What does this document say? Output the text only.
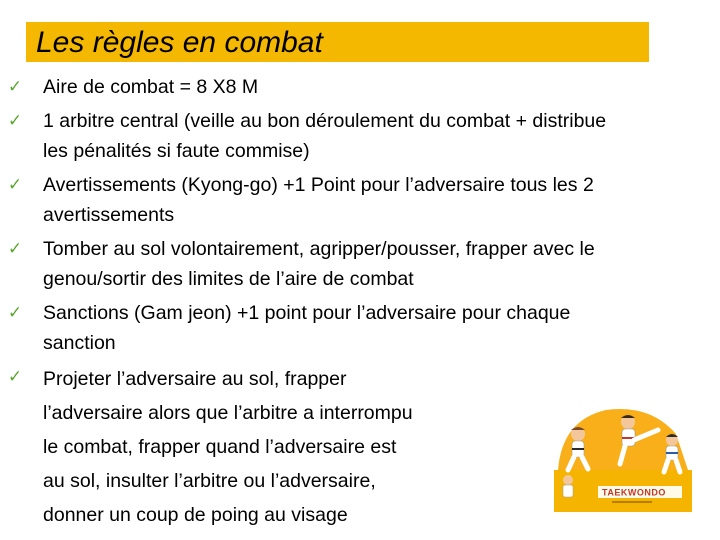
Les règles en combat
✓ Aire de combat = 8 X8 M
✓ 1 arbitre central (veille au bon déroulement du combat + distribue
les pénalités si faute commise)
✓ Avertissements (Kyong-go) +1 Point pour l’adversaire tous les 2
avertissements
✓ Tomber au sol volontairement, agripper/pousser, frapper avec le
genou/sortir des limites de l’aire de combat
✓ Sanctions (Gam jeon) +1 point pour l’adversaire pour chaque
sanction
✓ Projeter l’adversaire au sol, frapper
l’adversaire alors que l’arbitre a interrompu
le combat, frapper quand l’adversaire est
au sol, insulter l’arbitre ou l’adversaire,
donner un coup de poing au visage
TAEKWONDO
